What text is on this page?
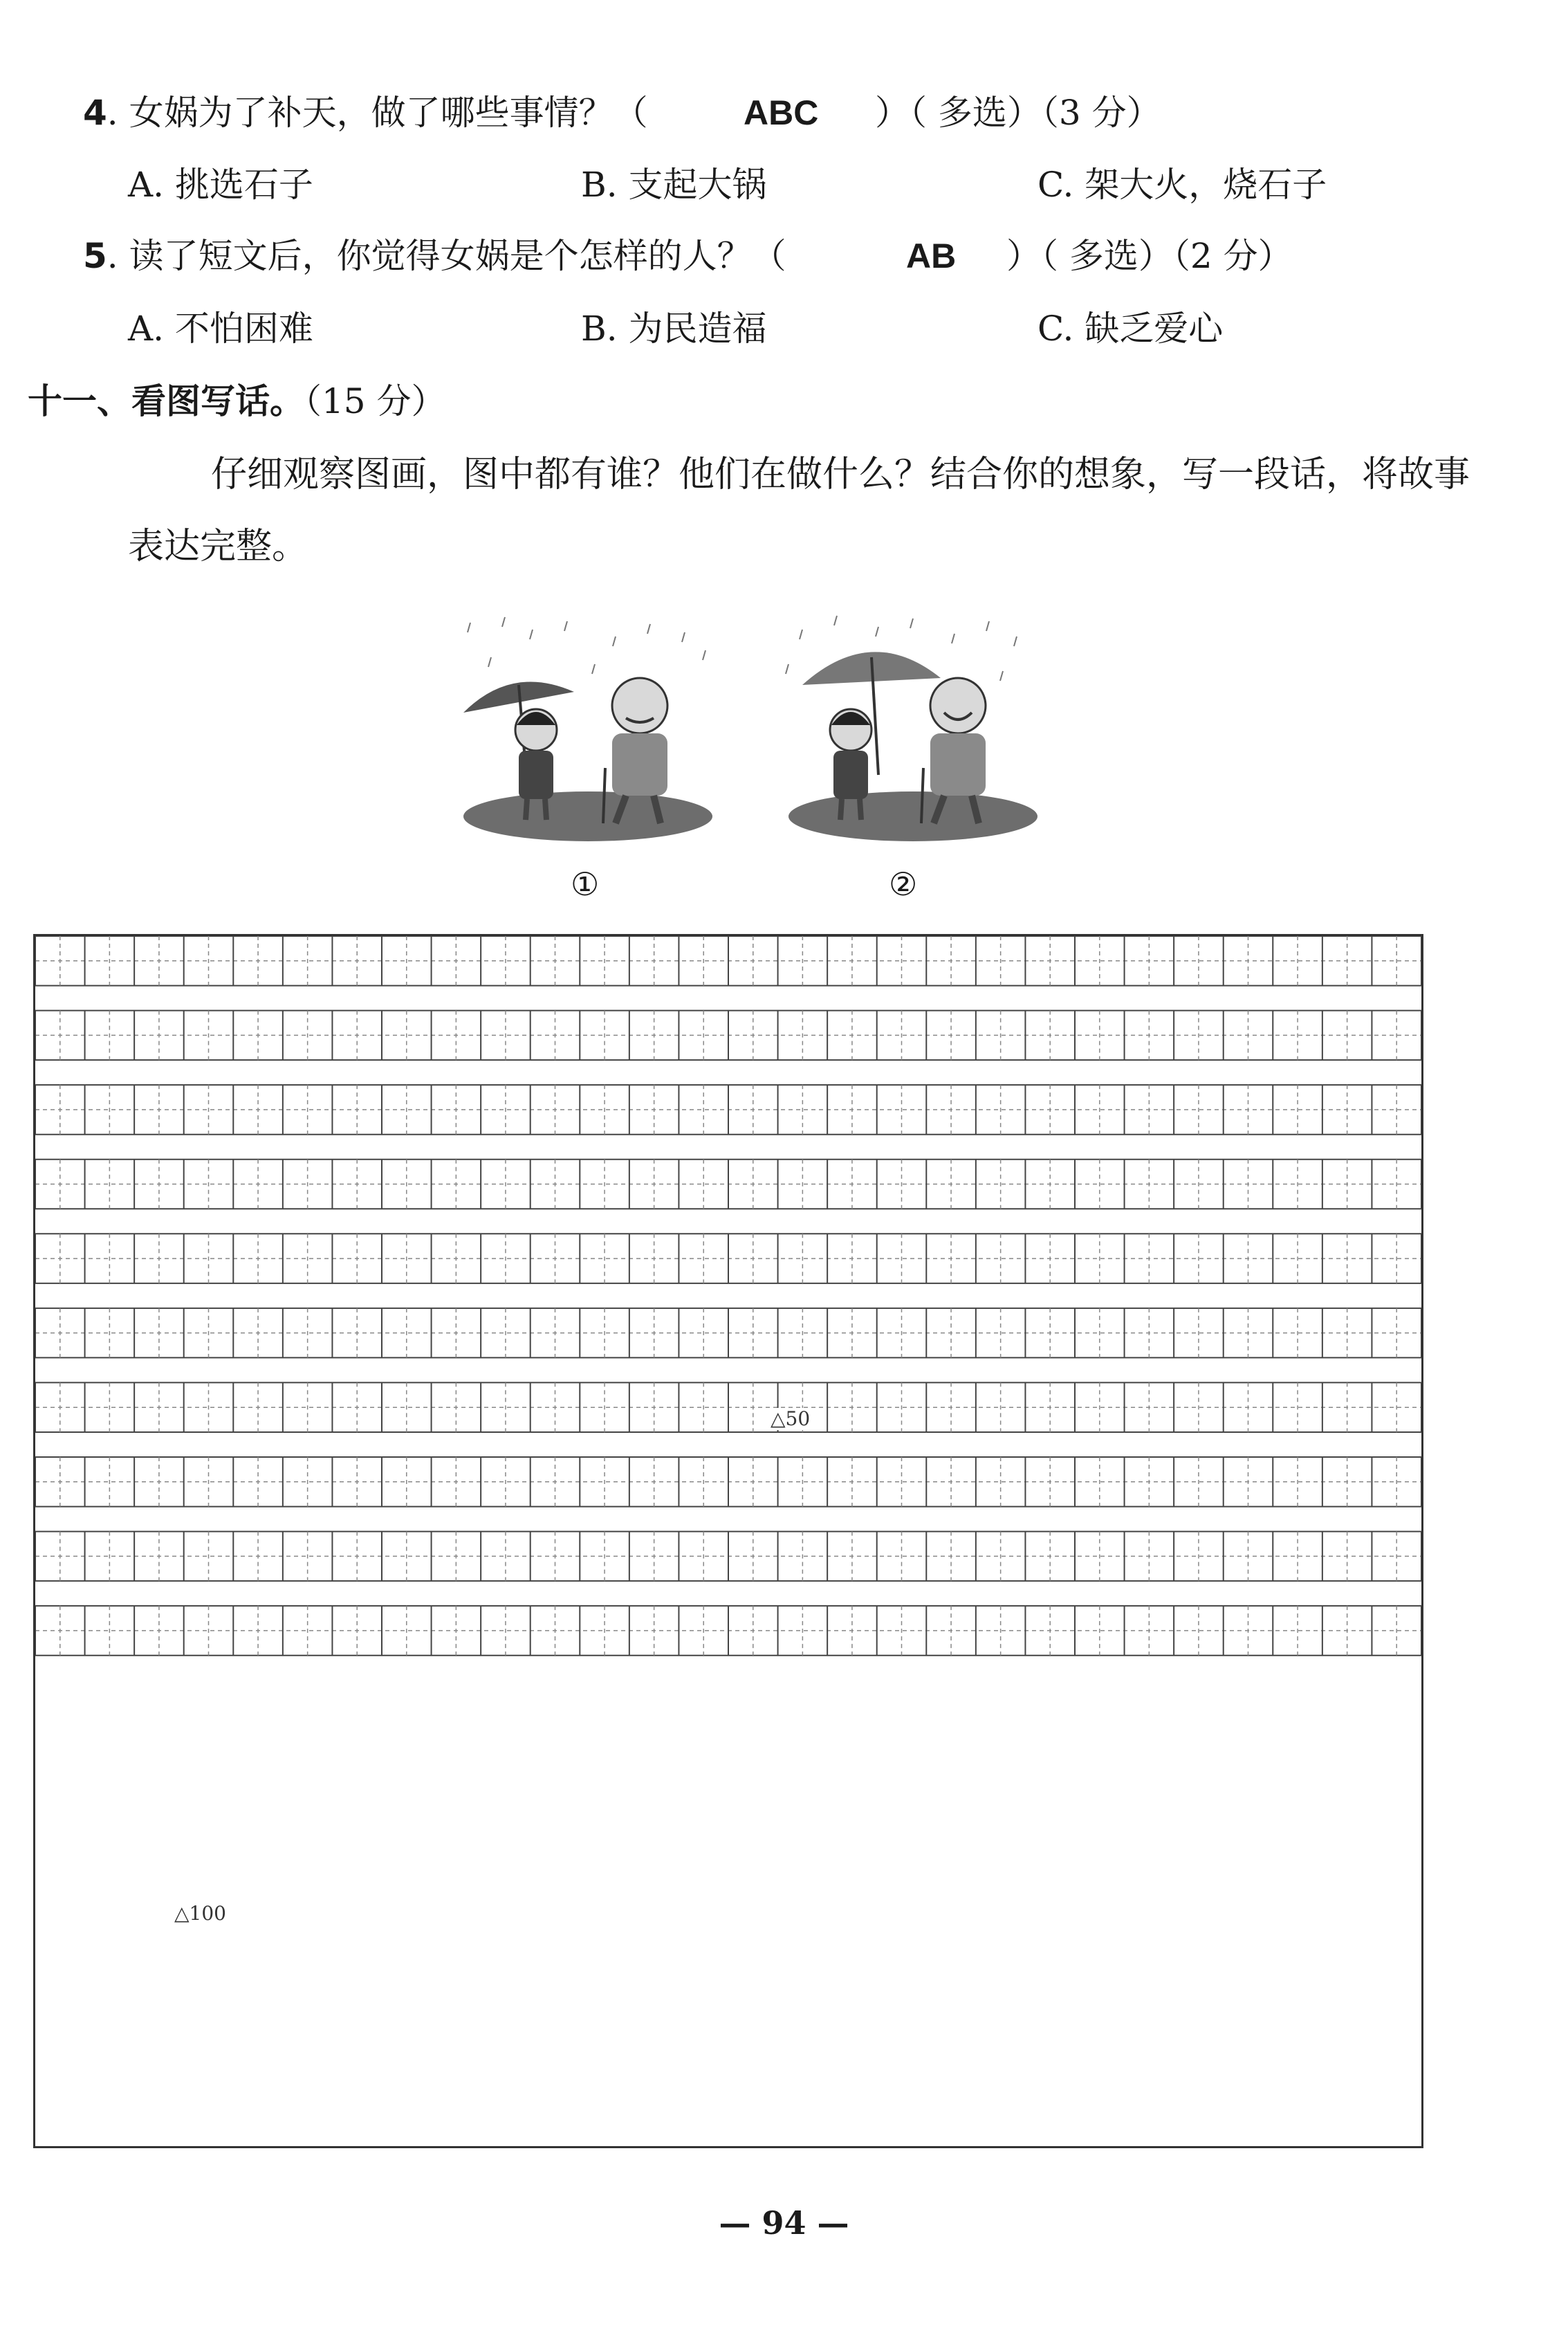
4. 女娲为了补天，做了哪些事情？（	ABC ）（ 多选）（3 分）
A. 挑选石子	B. 支起大锅	C. 架大火，烧石子
5. 读了短文后，你觉得女娲是个怎样的人？（	AB ）（ 多选）（2 分）
A. 不怕困难	B. 为民造福	C. 缺乏爱心
十一、看图写话。（15 分）
仔细观察图画，图中都有谁？他们在做什么？结合你的想象，写一段话，将故事表达完整。
①	②
△50
△100
— 94 —
